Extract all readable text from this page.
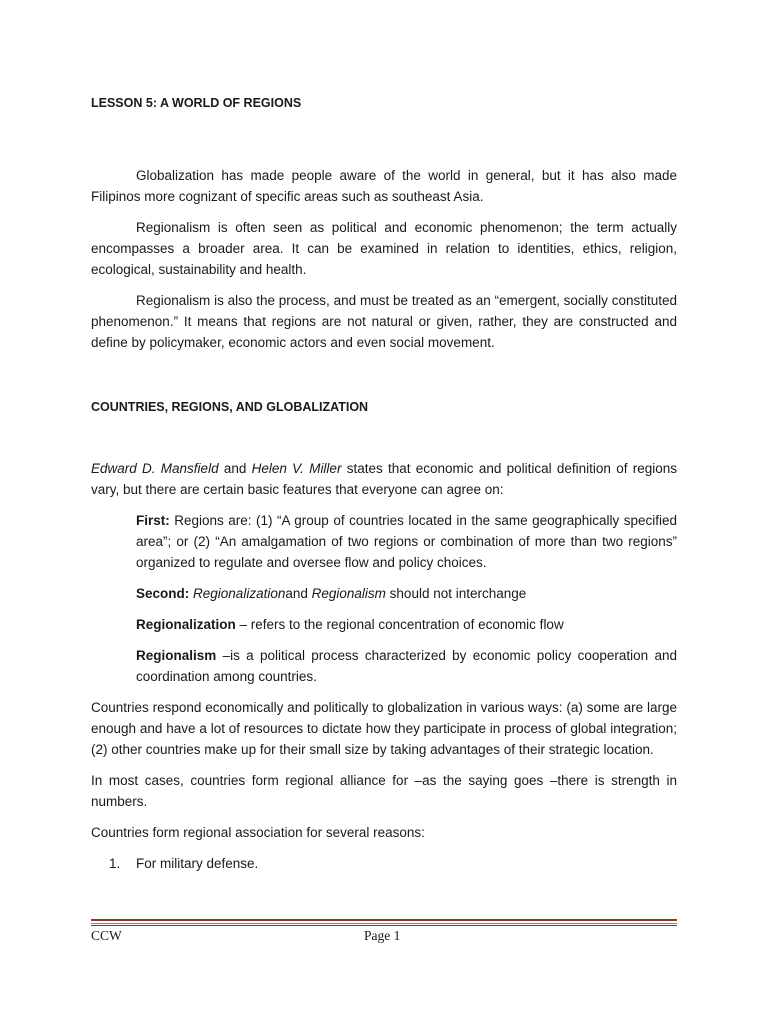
LESSON 5: A WORLD OF REGIONS

Globalization has made people aware of the world in general, but it has also made Filipinos more cognizant of specific areas such as southeast Asia.

Regionalism is often seen as political and economic phenomenon; the term actually encompasses a broader area. It can be examined in relation to identities, ethics, religion, ecological, sustainability and health.

Regionalism is also the process, and must be treated as an “emergent, socially constituted phenomenon.” It means that regions are not natural or given, rather, they are constructed and define by policymaker, economic actors and even social movement.

COUNTRIES, REGIONS, AND GLOBALIZATION

Edward D. Mansfield and Helen V. Miller states that economic and political definition of regions vary, but there are certain basic features that everyone can agree on:

First: Regions are: (1) “A group of countries located in the same geographically specified area”; or (2) “An amalgamation of two regions or combination of more than two regions” organized to regulate and oversee flow and policy choices.

Second: Regionalizationand Regionalism should not interchange

Regionalization – refers to the regional concentration of economic flow

Regionalism –is a political process characterized by economic policy cooperation and coordination among countries.

Countries respond economically and politically to globalization in various ways: (a) some are large enough and have a lot of resources to dictate how they participate in process of global integration; (2) other countries make up for their small size by taking advantages of their strategic location.

In most cases, countries form regional alliance for –as the saying goes –there is strength in numbers.

Countries form regional association for several reasons:

1. For military defense.
CCW	Page 1
